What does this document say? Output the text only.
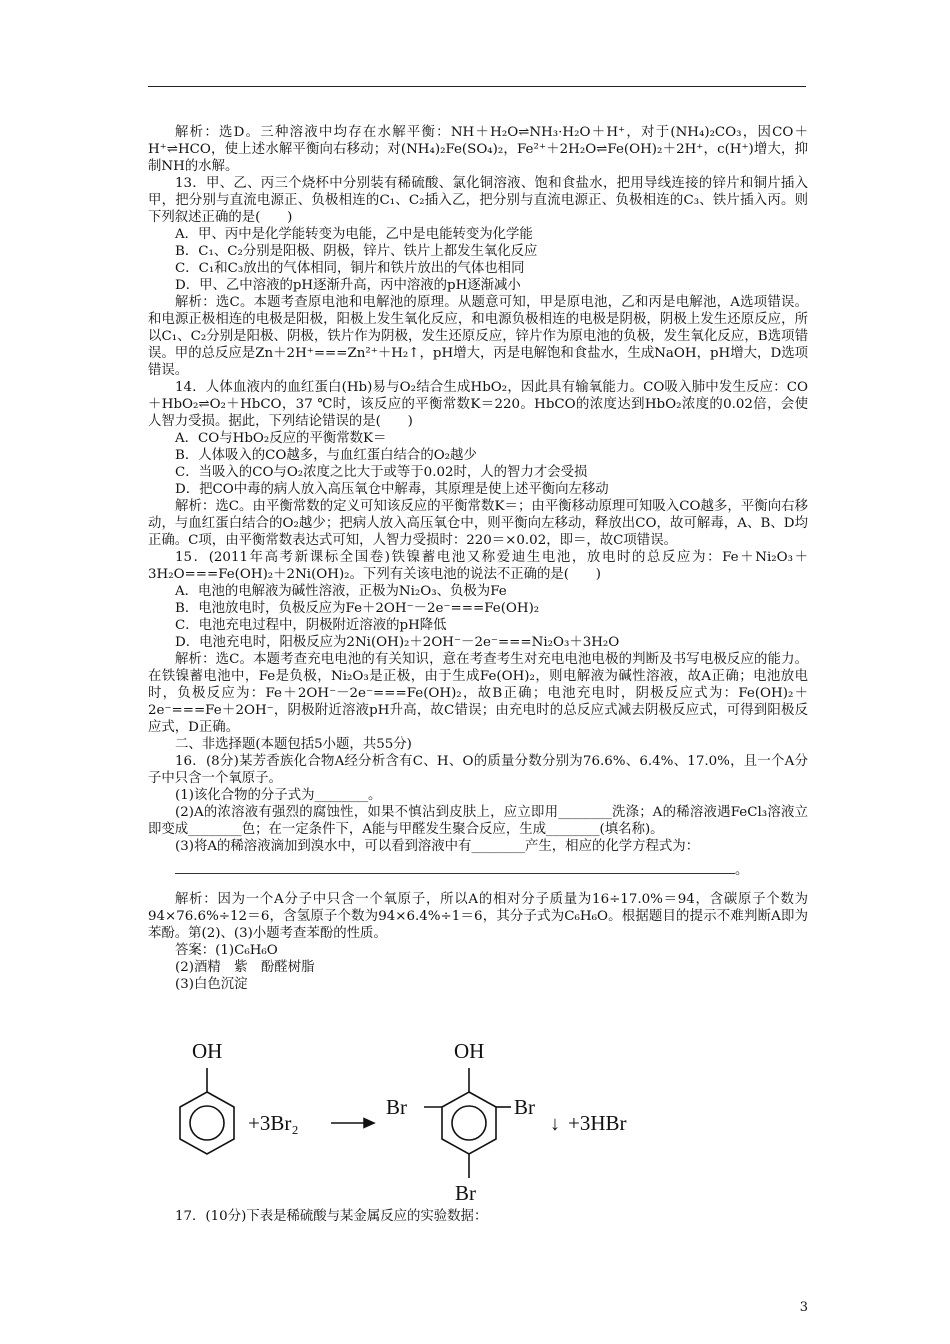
解析：选D。三种溶液中均存在水解平衡：NH＋H₂O⇌NH₃·H₂O＋H⁺，对于(NH₄)₂CO₃，因CO＋H⁺⇌HCO，使上述水解平衡向右移动；对(NH₄)₂Fe(SO₄)₂，Fe²⁺＋2H₂O⇌Fe(OH)₂＋2H⁺，c(H⁺)增大，抑制NH的水解。

13．甲、乙、丙三个烧杯中分别装有稀硫酸、氯化铜溶液、饱和食盐水，把用导线连接的锌片和铜片插入甲，把分别与直流电源正、负极相连的C₁、C₂插入乙，把分别与直流电源正、负极相连的C₃、铁片插入丙。则下列叙述正确的是(　　)

A．甲、丙中是化学能转变为电能，乙中是电能转变为化学能

B．C₁、C₂分别是阳极、阴极，锌片、铁片上都发生氧化反应

C．C₁和C₃放出的气体相同，铜片和铁片放出的气体也相同

D．甲、乙中溶液的pH逐渐升高，丙中溶液的pH逐渐减小

解析：选C。本题考查原电池和电解池的原理。从题意可知，甲是原电池，乙和丙是电解池，A选项错误。和电源正极相连的电极是阳极，阳极上发生氧化反应，和电源负极相连的电极是阴极，阴极上发生还原反应，所以C₁、C₂分别是阳极、阴极，铁片作为阴极，发生还原反应，锌片作为原电池的负极，发生氧化反应，B选项错误。甲的总反应是Zn＋2H⁺===Zn²⁺＋H₂↑，pH增大，丙是电解饱和食盐水，生成NaOH，pH增大，D选项错误。

14．人体血液内的血红蛋白(Hb)易与O₂结合生成HbO₂，因此具有输氧能力。CO吸入肺中发生反应：CO＋HbO₂⇌O₂＋HbCO，37 ℃时，该反应的平衡常数K＝220。HbCO的浓度达到HbO₂浓度的0.02倍，会使人智力受损。据此，下列结论错误的是(　　)

A．CO与HbO₂反应的平衡常数K＝

B．人体吸入的CO越多，与血红蛋白结合的O₂越少

C．当吸入的CO与O₂浓度之比大于或等于0.02时，人的智力才会受损

D．把CO中毒的病人放入高压氧仓中解毒，其原理是使上述平衡向左移动

解析：选C。由平衡常数的定义可知该反应的平衡常数K＝；由平衡移动原理可知吸入CO越多，平衡向右移动，与血红蛋白结合的O₂越少；把病人放入高压氧仓中，则平衡向左移动，释放出CO，故可解毒，A、B、D均正确。C项，由平衡常数表达式可知，人智力受损时：220＝×0.02，即＝，故C项错误。

15．(2011年高考新课标全国卷)铁镍蓄电池又称爱迪生电池，放电时的总反应为：Fe＋Ni₂O₃＋3H₂O===Fe(OH)₂＋2Ni(OH)₂。下列有关该电池的说法不正确的是(　　)

A．电池的电解液为碱性溶液，正极为Ni₂O₃、负极为Fe

B．电池放电时，负极反应为Fe＋2OH⁻－2e⁻===Fe(OH)₂

C．电池充电过程中，阴极附近溶液的pH降低

D．电池充电时，阳极反应为2Ni(OH)₂＋2OH⁻－2e⁻===Ni₂O₃＋3H₂O

解析：选C。本题考查充电电池的有关知识，意在考查考生对充电电池电极的判断及书写电极反应的能力。在铁镍蓄电池中，Fe是负极，Ni₂O₃是正极，由于生成Fe(OH)₂，则电解液为碱性溶液，故A正确；电池放电时，负极反应为：Fe＋2OH⁻－2e⁻===Fe(OH)₂，故B正确；电池充电时，阴极反应式为：Fe(OH)₂＋2e⁻===Fe＋2OH⁻，阴极附近溶液pH升高，故C错误；由充电时的总反应式减去阴极反应式，可得到阳极反应式，D正确。

二、非选择题(本题包括5小题，共55分)

16．(8分)某芳香族化合物A经分析含有C、H、O的质量分数分别为76.6%、6.4%、17.0%，且一个A分子中只含一个氧原子。

(1)该化合物的分子式为________。

(2)A的浓溶液有强烈的腐蚀性，如果不慎沾到皮肤上，应立即用________洗涤；A的稀溶液遇FeCl₃溶液立即变成________色；在一定条件下，A能与甲醛发生聚合反应，生成________(填名称)。

(3)将A的稀溶液滴加到溴水中，可以看到溶液中有________产生，相应的化学方程式为：

。

解析：因为一个A分子中只含一个氧原子，所以A的相对分子质量为16÷17.0%＝94，含碳原子个数为94×76.6%÷12＝6，含氢原子个数为94×6.4%÷1＝6，其分子式为C₆H₆O。根据题目的提示不难判断A即为苯酚。第(2)、(3)小题考查苯酚的性质。

答案：(1)C₆H₆O

(2)酒精　紫　酚醛树脂

(3)白色沉淀

OH
+3Br₂
OH
Br	Br
Br
↓ +3HBr
17．(10分)下表是稀硫酸与某金属反应的实验数据：
3
